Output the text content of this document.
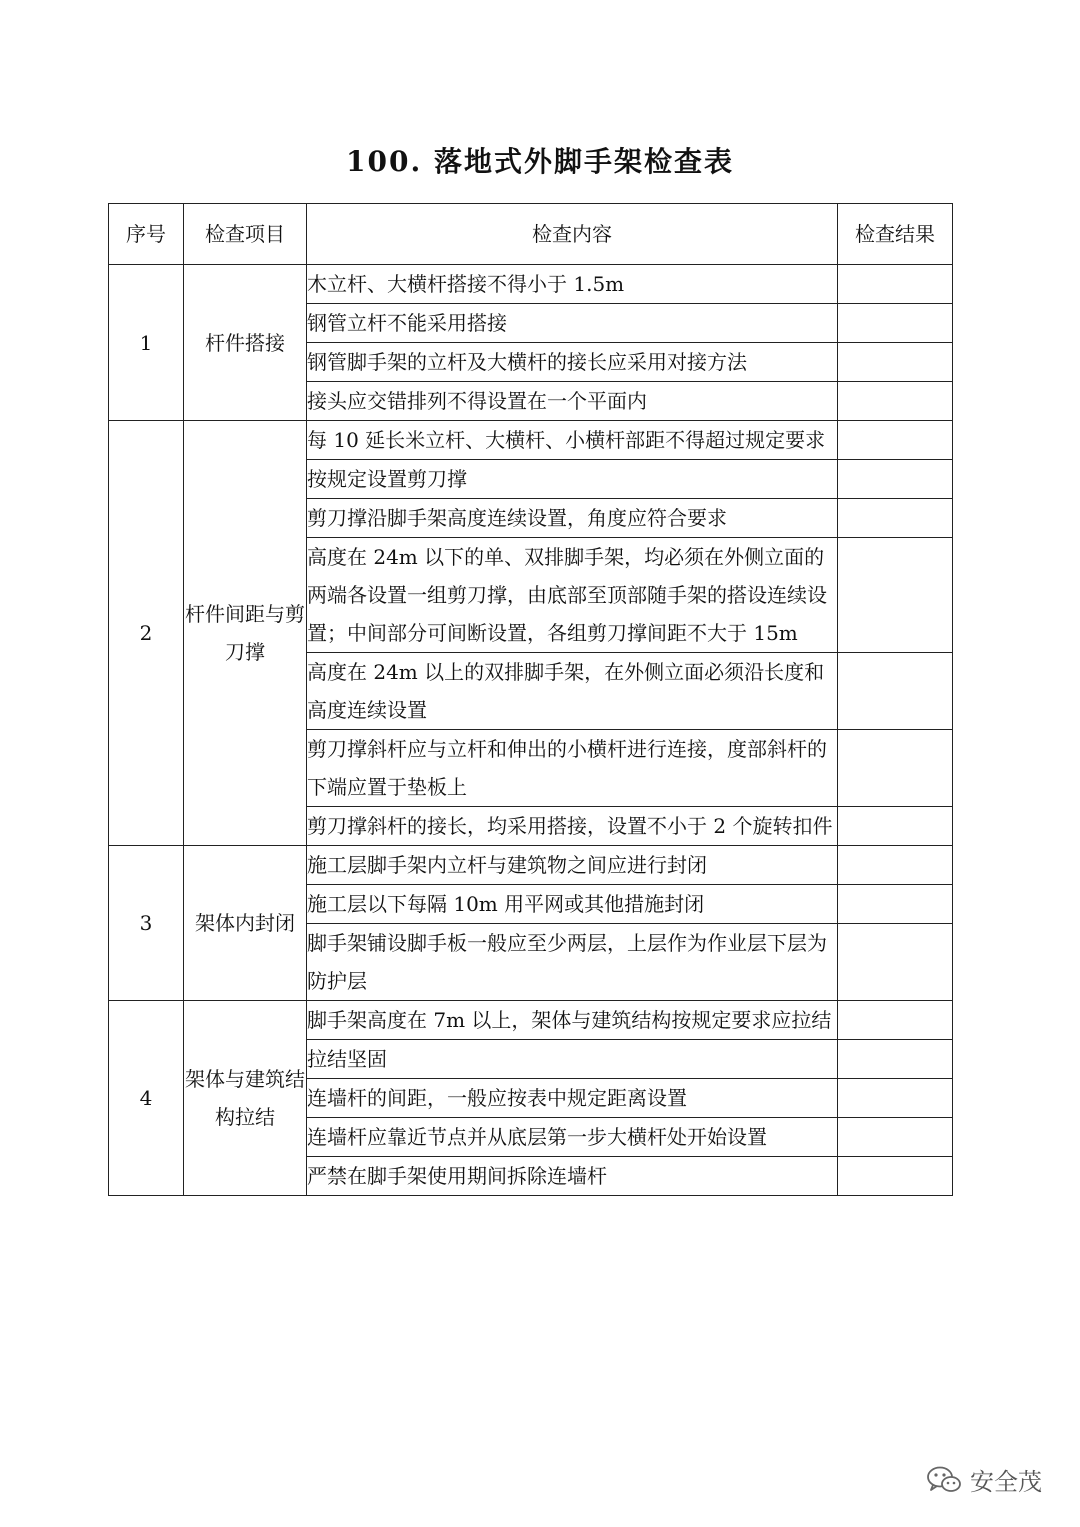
100. 落地式外脚手架检查表
序号	检查项目	检查内容	检查结果
1	杆件搭接	木立杆、大横杆搭接不得小于 1.5m	
		钢管立杆不能采用搭接	
		钢管脚手架的立杆及大横杆的接长应采用对接方法	
		接头应交错排列不得设置在一个平面内	
2	杆件间距与剪刀撑	每 10 延长米立杆、大横杆、小横杆部距不得超过规定要求	
		按规定设置剪刀撑	
		剪刀撑沿脚手架高度连续设置，角度应符合要求	
		高度在 24m 以下的单、双排脚手架，均必须在外侧立面的两端各设置一组剪刀撑，由底部至顶部随手架的搭设连续设置；中间部分可间断设置，各组剪刀撑间距不大于 15m	
		高度在 24m 以上的双排脚手架，在外侧立面必须沿长度和高度连续设置	
		剪刀撑斜杆应与立杆和伸出的小横杆进行连接，度部斜杆的下端应置于垫板上	
		剪刀撑斜杆的接长，均采用搭接，设置不小于 2 个旋转扣件	
3	架体内封闭	施工层脚手架内立杆与建筑物之间应进行封闭	
		施工层以下每隔 10m 用平网或其他措施封闭	
		脚手架铺设脚手板一般应至少两层，上层作为作业层下层为防护层	
4	架体与建筑结构拉结	脚手架高度在 7m 以上，架体与建筑结构按规定要求应拉结	
		拉结坚固	
		连墙杆的间距，一般应按表中规定距离设置	
		连墙杆应靠近节点并从底层第一步大横杆处开始设置	
		严禁在脚手架使用期间拆除连墙杆	
安全茂
